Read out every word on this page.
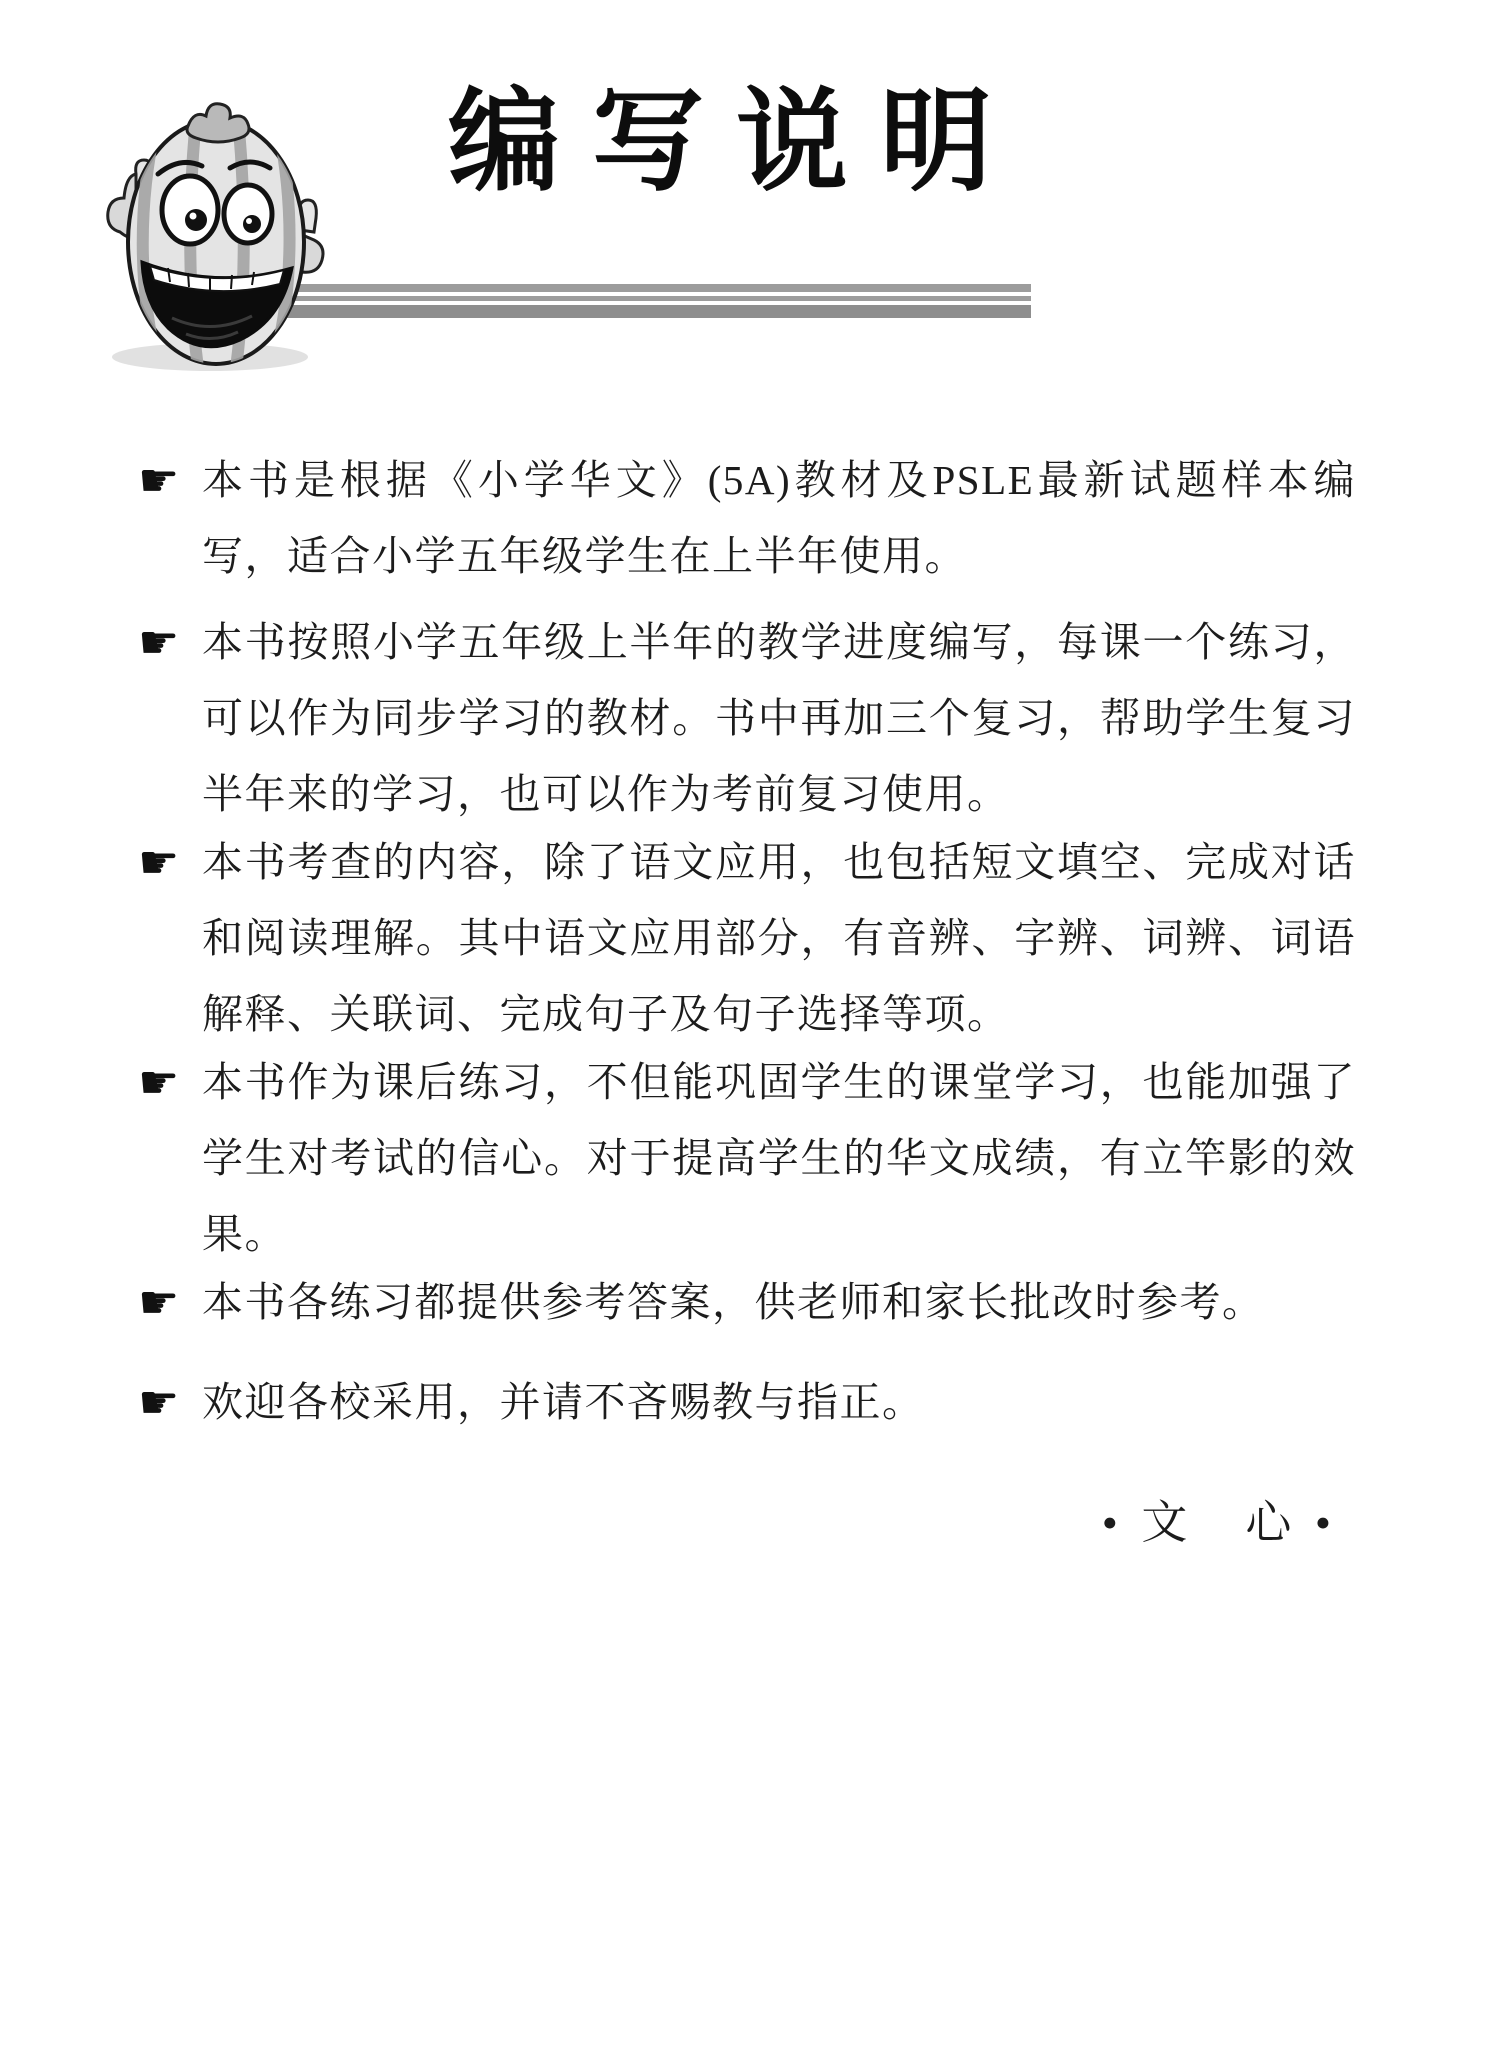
编写说明
☛ 本书是根据《小学华文》(5A)教材及PSLE最新试题样本编写，适合小学五年级学生在上半年使用。
☛ 本书按照小学五年级上半年的教学进度编写，每课一个练习，可以作为同步学习的教材。书中再加三个复习，帮助学生复习半年来的学习，也可以作为考前复习使用。
☛ 本书考查的内容，除了语文应用，也包括短文填空、完成对话和阅读理解。其中语文应用部分，有音辨、字辨、词辨、词语解释、关联词、完成句子及句子选择等项。
☛ 本书作为课后练习，不但能巩固学生的课堂学习，也能加强了学生对考试的信心。对于提高学生的华文成绩，有立竿影的效果。
☛ 本书各练习都提供参考答案，供老师和家长批改时参考。
☛ 欢迎各校采用，并请不吝赐教与指正。
• 文　心 •
